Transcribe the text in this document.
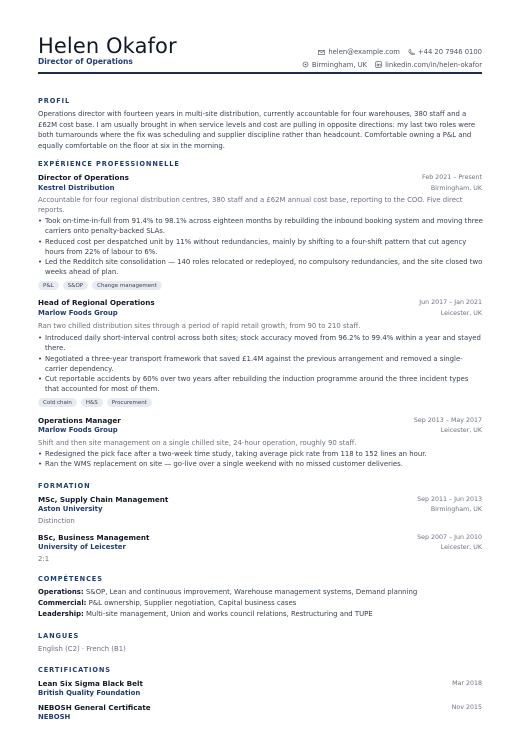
Helen Okafor
Director of Operations
helen@example.com	+44 20 7946 0100
Birmingham, UK	linkedin.com/in/helen-okafor
PROFIL
Operations director with fourteen years in multi-site distribution, currently accountable for four warehouses, 380 staff and a £62M cost base. I am usually brought in when service levels and cost are pulling in opposite directions: my last two roles were both turnarounds where the fix was scheduling and supplier discipline rather than headcount. Comfortable owning a P&L and equally comfortable on the floor at six in the morning.
EXPÉRIENCE PROFESSIONNELLE
Director of Operations	Feb 2021 – Present
Kestrel Distribution	Birmingham, UK
Accountable for four regional distribution centres, 380 staff and a £62M annual cost base, reporting to the COO. Five direct reports.
• Took on-time-in-full from 91.4% to 98.1% across eighteen months by rebuilding the inbound booking system and moving three carriers onto penalty-backed SLAs.
• Reduced cost per despatched unit by 11% without redundancies, mainly by shifting to a four-shift pattern that cut agency hours from 22% of labour to 6%.
• Led the Redditch site consolidation — 140 roles relocated or redeployed, no compulsory redundancies, and the site closed two weeks ahead of plan.
P&L	S&OP	Change management
Head of Regional Operations	Jun 2017 – Jan 2021
Marlow Foods Group	Leicester, UK
Ran two chilled distribution sites through a period of rapid retail growth, from 90 to 210 staff.
• Introduced daily short-interval control across both sites; stock accuracy moved from 96.2% to 99.4% within a year and stayed there.
• Negotiated a three-year transport framework that saved £1.4M against the previous arrangement and removed a single-carrier dependency.
• Cut reportable accidents by 60% over two years after rebuilding the induction programme around the three incident types that accounted for most of them.
Cold chain	H&S	Procurement
Operations Manager	Sep 2013 – May 2017
Marlow Foods Group	Leicester, UK
Shift and then site management on a single chilled site, 24-hour operation, roughly 90 staff.
• Redesigned the pick face after a two-week time study, taking average pick rate from 118 to 152 lines an hour.
• Ran the WMS replacement on site — go-live over a single weekend with no missed customer deliveries.
FORMATION
MSc, Supply Chain Management	Sep 2011 – Jun 2013
Aston University	Birmingham, UK
Distinction
BSc, Business Management	Sep 2007 – Jun 2010
University of Leicester	Leicester, UK
2:1
COMPÉTENCES
Operations: S&OP, Lean and continuous improvement, Warehouse management systems, Demand planning
Commercial: P&L ownership, Supplier negotiation, Capital business cases
Leadership: Multi-site management, Union and works council relations, Restructuring and TUPE
LANGUES
English (C2) · French (B1)
CERTIFICATIONS
Lean Six Sigma Black Belt	Mar 2018
British Quality Foundation
NEBOSH General Certificate	Nov 2015
NEBOSH
